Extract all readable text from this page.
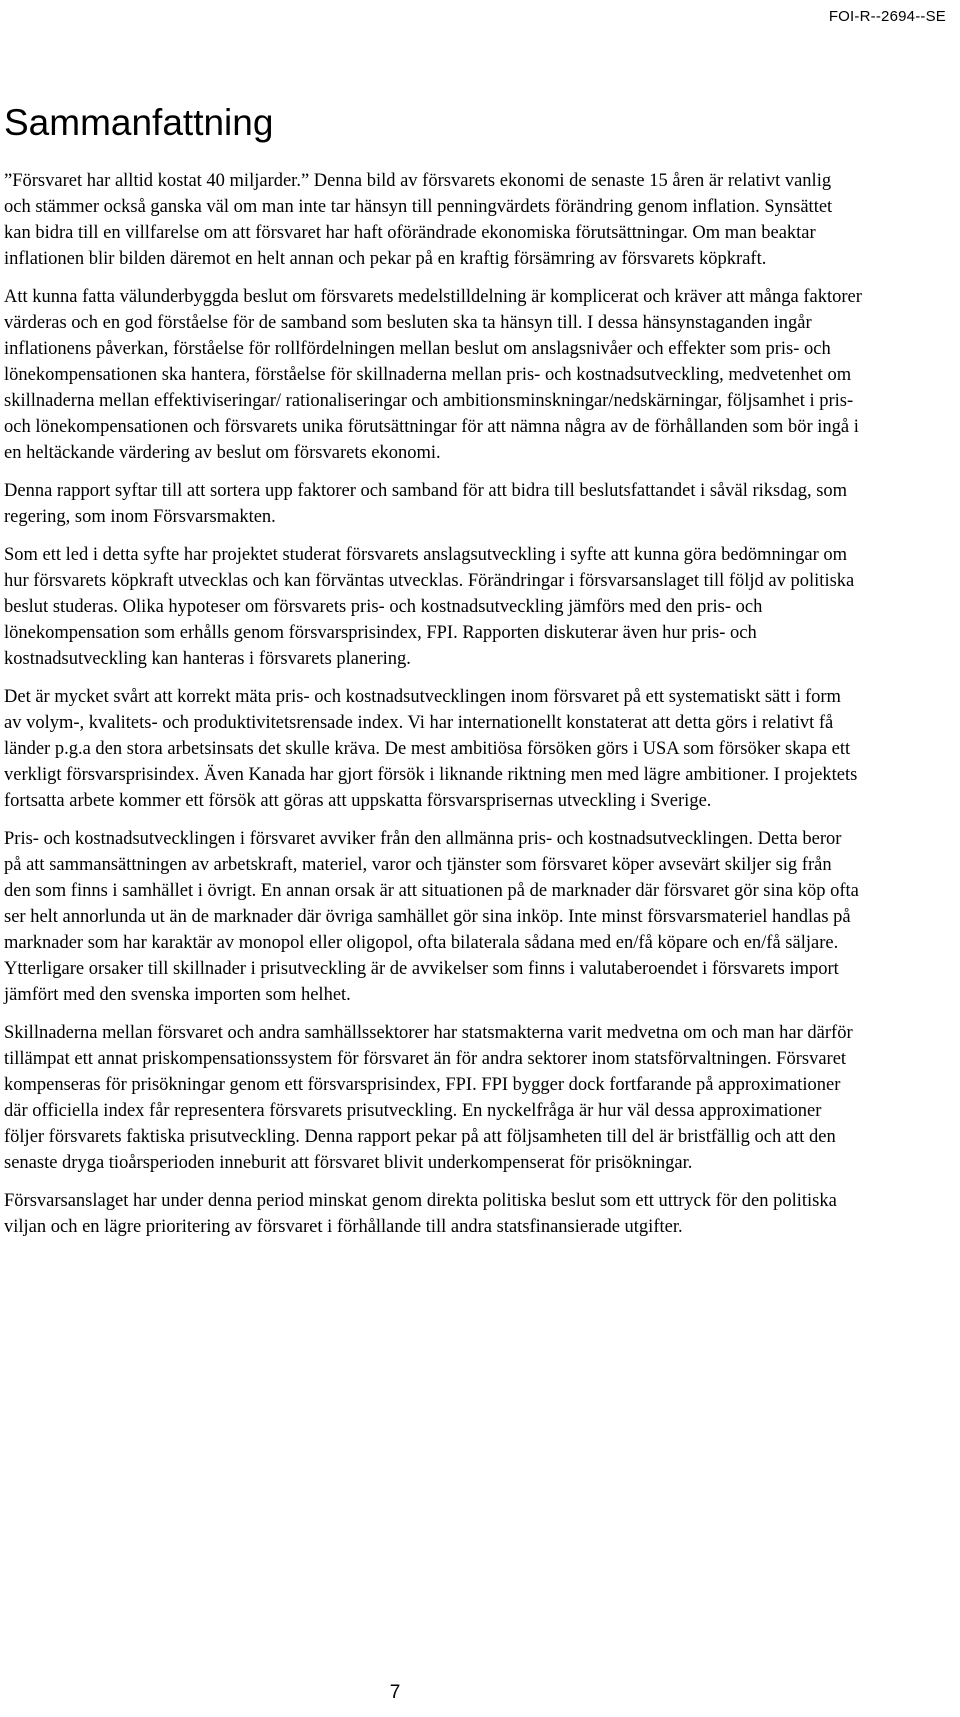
FOI-R--2694--SE
Sammanfattning

”Försvaret har alltid kostat 40 miljarder.” Denna bild av försvarets ekonomi de senaste 15 åren är relativt vanlig och stämmer också ganska väl om man inte tar hänsyn till penningvärdets förändring genom inflation. Synsättet kan bidra till en villfarelse om att försvaret har haft oförändrade ekonomiska förutsättningar. Om man beaktar inflationen blir bilden däremot en helt annan och pekar på en kraftig försämring av försvarets köpkraft.

Att kunna fatta välunderbyggda beslut om försvarets medelstilldelning är komplicerat och kräver att många faktorer värderas och en god förståelse för de samband som besluten ska ta hänsyn till. I dessa hänsynstaganden ingår inflationens påverkan, förståelse för rollfördelningen mellan beslut om anslagsnivåer och effekter som pris- och lönekompensationen ska hantera, förståelse för skillnaderna mellan pris- och kostnadsutveckling, medvetenhet om skillnaderna mellan effektiviseringar/ rationaliseringar och ambitionsminskningar/nedskärningar, följsamhet i pris- och lönekompensationen och försvarets unika förutsättningar för att nämna några av de förhållanden som bör ingå i en heltäckande värdering av beslut om försvarets ekonomi.

Denna rapport syftar till att sortera upp faktorer och samband för att bidra till beslutsfattandet i såväl riksdag, som regering, som inom Försvarsmakten.

Som ett led i detta syfte har projektet studerat försvarets anslagsutveckling i syfte att kunna göra bedömningar om hur försvarets köpkraft utvecklas och kan förväntas utvecklas. Förändringar i försvarsanslaget till följd av politiska beslut studeras. Olika hypoteser om försvarets pris- och kostnadsutveckling jämförs med den pris- och lönekompensation som erhålls genom försvarsprisindex, FPI. Rapporten diskuterar även hur pris- och kostnadsutveckling kan hanteras i försvarets planering.

Det är mycket svårt att korrekt mäta pris- och kostnadsutvecklingen inom försvaret på ett systematiskt sätt i form av volym-, kvalitets- och produktivitetsrensade index. Vi har internationellt konstaterat att detta görs i relativt få länder p.g.a den stora arbetsinsats det skulle kräva. De mest ambitiösa försöken görs i USA som försöker skapa ett verkligt försvarsprisindex. Även Kanada har gjort försök i liknande riktning men med lägre ambitioner. I projektets fortsatta arbete kommer ett försök att göras att uppskatta försvarsprisernas utveckling i Sverige.

Pris- och kostnadsutvecklingen i försvaret avviker från den allmänna pris- och kostnadsutvecklingen. Detta beror på att sammansättningen av arbetskraft, materiel, varor och tjänster som försvaret köper avsevärt skiljer sig från den som finns i samhället i övrigt. En annan orsak är att situationen på de marknader där försvaret gör sina köp ofta ser helt annorlunda ut än de marknader där övriga samhället gör sina inköp. Inte minst försvarsmateriel handlas på marknader som har karaktär av monopol eller oligopol, ofta bilaterala sådana med en/få köpare och en/få säljare. Ytterligare orsaker till skillnader i prisutveckling är de avvikelser som finns i valutaberoendet i försvarets import jämfört med den svenska importen som helhet.

Skillnaderna mellan försvaret och andra samhällssektorer har statsmakterna varit medvetna om och man har därför tillämpat ett annat priskompensationssystem för försvaret än för andra sektorer inom statsförvaltningen. Försvaret kompenseras för prisökningar genom ett försvarsprisindex, FPI. FPI bygger dock fortfarande på approximationer där officiella index får representera försvarets prisutveckling. En nyckelfråga är hur väl dessa approximationer följer försvarets faktiska prisutveckling. Denna rapport pekar på att följsamheten till del är bristfällig och att den senaste dryga tioårsperioden inneburit att försvaret blivit underkompenserat för prisökningar.

Försvarsanslaget har under denna period minskat genom direkta politiska beslut som ett uttryck för den politiska viljan och en lägre prioritering av försvaret i förhållande till andra statsfinansierade utgifter.

7
